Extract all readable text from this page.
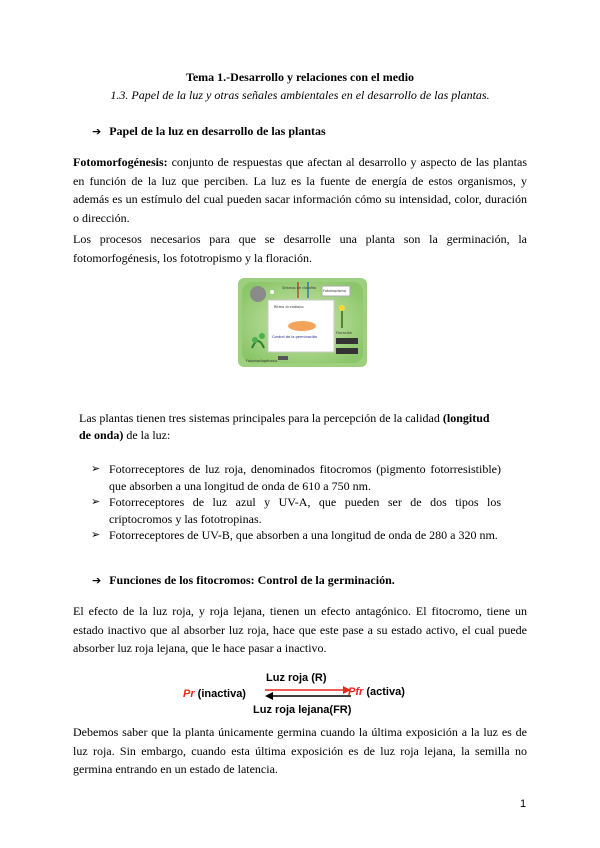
Tema 1.-Desarrollo y relaciones con el medio
1.3. Papel de la luz y otras señales ambientales en el desarrollo de las plantas.
➔ Papel de la luz en desarrollo de las plantas
Fotomorfogénesis: conjunto de respuestas que afectan al desarrollo y aspecto de las plantas en función de la luz que perciben. La luz es la fuente de energía de estos organismos, y además es un estímulo del cual pueden sacar información cómo su intensidad, color, duración o dirección.
Los procesos necesarios para que se desarrolle una planta son la germinación, la fotomorfogénesis, los fototropismo y la floración.
Síntesis de clorofila
Fototropismo
Control de la germinación
Floración
Fotomorfogénesis
Ritmo circadiano
Las plantas tienen tres sistemas principales para la percepción de la calidad (longitud de onda) de la luz:
➢ Fotorreceptores de luz roja, denominados fitocromos (pigmento fotorresistible) que absorben a una longitud de onda de 610 a 750 nm.
➢ Fotorreceptores de luz azul y UV-A, que pueden ser de dos tipos los criptocromos y las fototropinas.
➢ Fotorreceptores de UV-B, que absorben a una longitud de onda de 280 a 320 nm.
➔ Funciones de los fitocromos: Control de la germinación.
El efecto de la luz roja, y roja lejana, tienen un efecto antagónico. El fitocromo, tiene un estado inactivo que al absorber luz roja, hace que este pase a su estado activo, el cual puede absorber luz roja lejana, que le hace pasar a inactivo.
Luz roja (R)
Pr (inactiva)	Pfr (activa)
Luz roja lejana(FR)
Debemos saber que la planta únicamente germina cuando la última exposición a la luz es de luz roja. Sin embargo, cuando esta última exposición es de luz roja lejana, la semilla no germina entrando en un estado de latencia.
1
